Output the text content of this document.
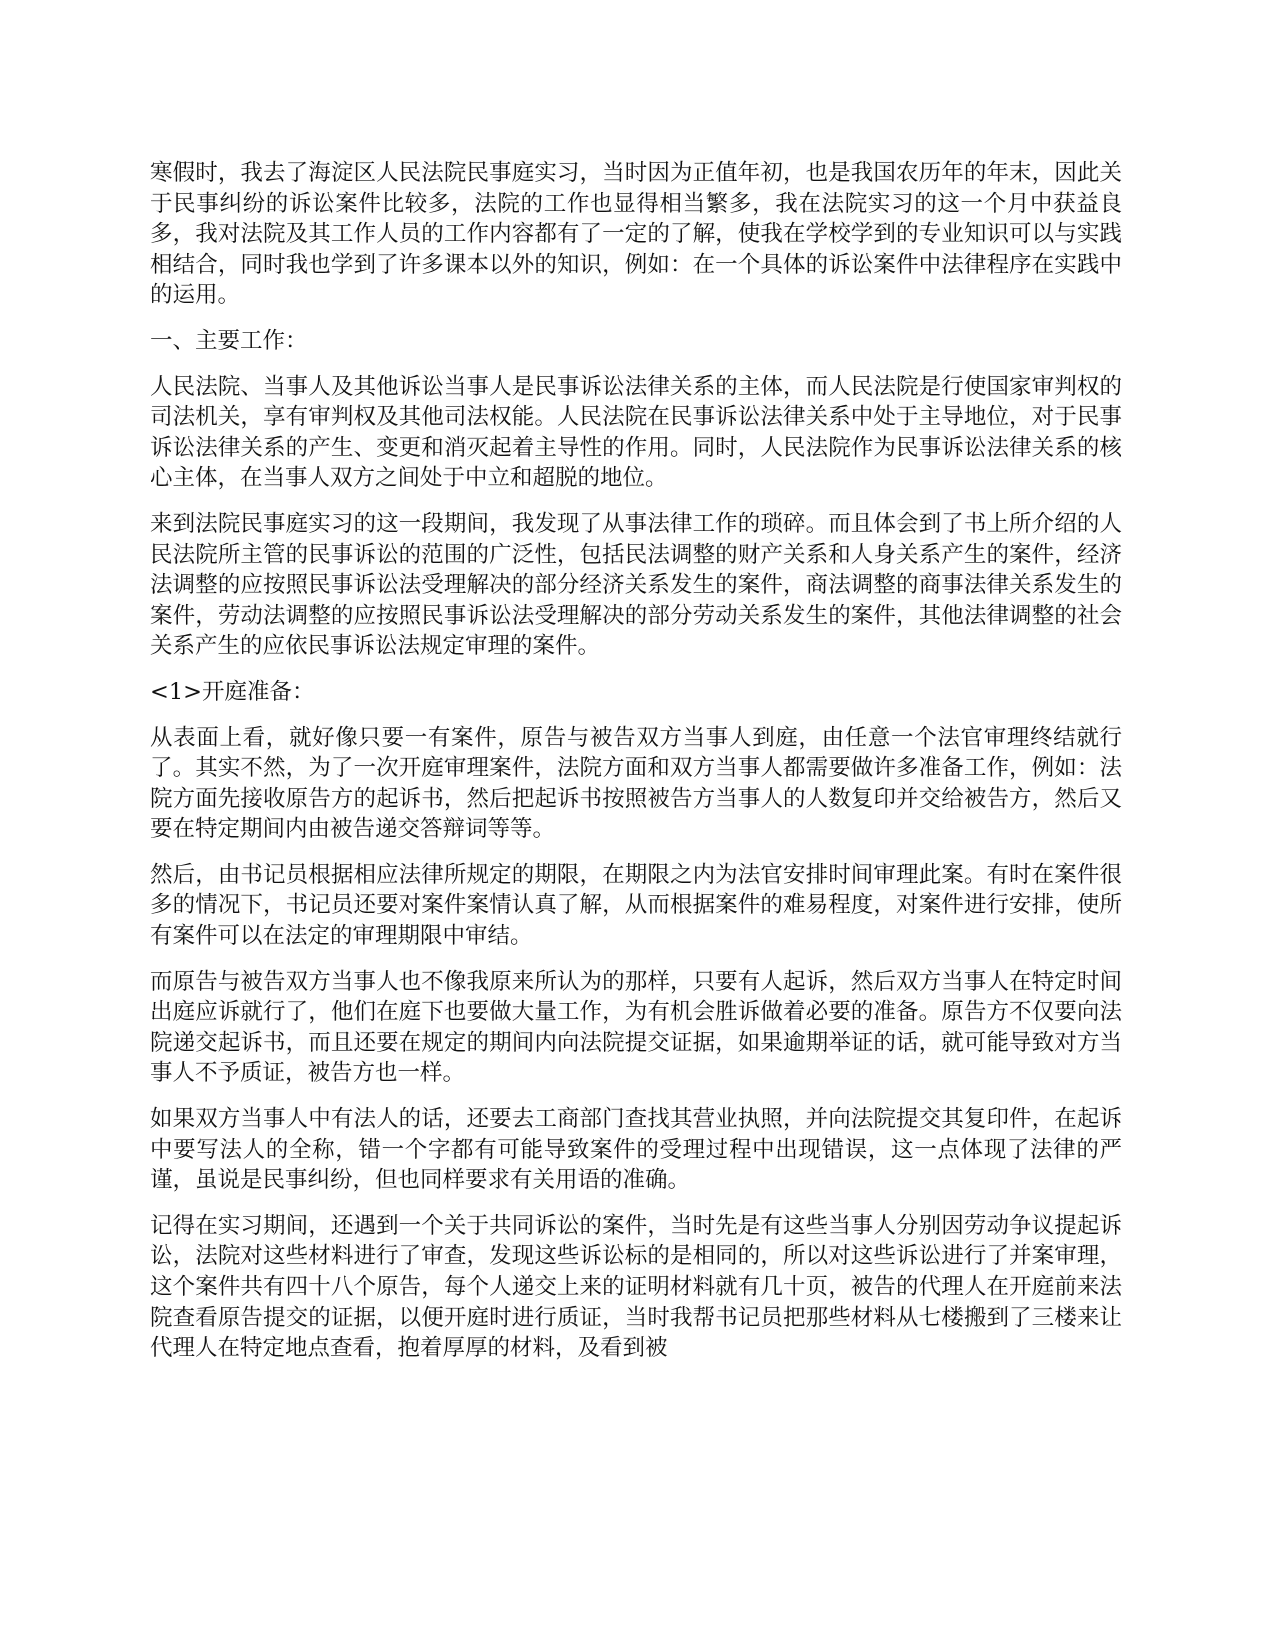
寒假时，我去了海淀区人民法院民事庭实习，当时因为正值年初，也是我国农历年的年末，因此关于民事纠纷的诉讼案件比较多，法院的工作也显得相当繁多，我在法院实习的这一个月中获益良多，我对法院及其工作人员的工作内容都有了一定的了解，使我在学校学到的专业知识可以与实践相结合，同时我也学到了许多课本以外的知识，例如：在一个具体的诉讼案件中法律程序在实践中的运用。

一、主要工作：

人民法院、当事人及其他诉讼当事人是民事诉讼法律关系的主体，而人民法院是行使国家审判权的司法机关，享有审判权及其他司法权能。人民法院在民事诉讼法律关系中处于主导地位，对于民事诉讼法律关系的产生、变更和消灭起着主导性的作用。同时，人民法院作为民事诉讼法律关系的核心主体，在当事人双方之间处于中立和超脱的地位。

来到法院民事庭实习的这一段期间，我发现了从事法律工作的琐碎。而且体会到了书上所介绍的人民法院所主管的民事诉讼的范围的广泛性，包括民法调整的财产关系和人身关系产生的案件，经济法调整的应按照民事诉讼法受理解决的部分经济关系发生的案件，商法调整的商事法律关系发生的案件，劳动法调整的应按照民事诉讼法受理解决的部分劳动关系发生的案件，其他法律调整的社会关系产生的应依民事诉讼法规定审理的案件。

<1>开庭准备：

从表面上看，就好像只要一有案件，原告与被告双方当事人到庭，由任意一个法官审理终结就行了。其实不然，为了一次开庭审理案件，法院方面和双方当事人都需要做许多准备工作，例如：法院方面先接收原告方的起诉书，然后把起诉书按照被告方当事人的人数复印并交给被告方，然后又要在特定期间内由被告递交答辩词等等。

然后，由书记员根据相应法律所规定的期限，在期限之内为法官安排时间审理此案。有时在案件很多的情况下，书记员还要对案件案情认真了解，从而根据案件的难易程度，对案件进行安排，使所有案件可以在法定的审理期限中审结。

而原告与被告双方当事人也不像我原来所认为的那样，只要有人起诉，然后双方当事人在特定时间出庭应诉就行了，他们在庭下也要做大量工作，为有机会胜诉做着必要的准备。原告方不仅要向法院递交起诉书，而且还要在规定的期间内向法院提交证据，如果逾期举证的话，就可能导致对方当事人不予质证，被告方也一样。

如果双方当事人中有法人的话，还要去工商部门查找其营业执照，并向法院提交其复印件，在起诉中要写法人的全称，错一个字都有可能导致案件的受理过程中出现错误，这一点体现了法律的严谨，虽说是民事纠纷，但也同样要求有关用语的准确。

记得在实习期间，还遇到一个关于共同诉讼的案件，当时先是有这些当事人分别因劳动争议提起诉讼，法院对这些材料进行了审查，发现这些诉讼标的是相同的，所以对这些诉讼进行了并案审理，这个案件共有四十八个原告，每个人递交上来的证明材料就有几十页，被告的代理人在开庭前来法院查看原告提交的证据，以便开庭时进行质证，当时我帮书记员把那些材料从七楼搬到了三楼来让代理人在特定地点查看，抱着厚厚的材料，及看到被
